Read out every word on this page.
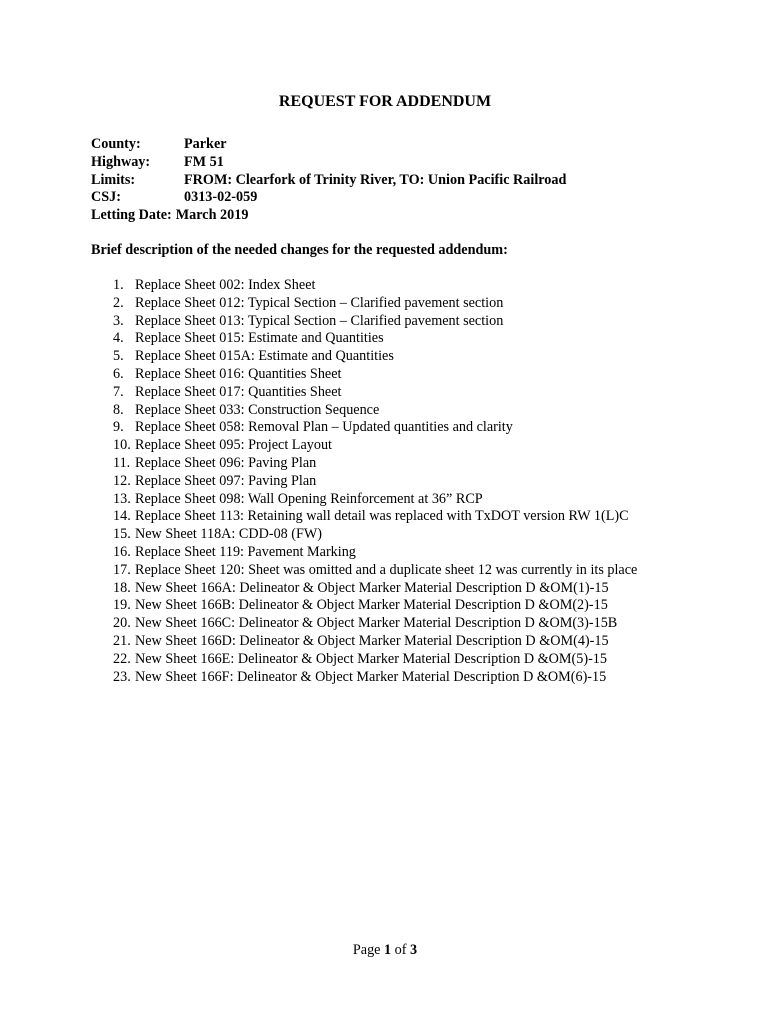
REQUEST FOR ADDENDUM
County:	Parker
Highway:	FM 51
Limits:	FROM: Clearfork of Trinity River, TO: Union Pacific Railroad
CSJ:	0313-02-059
Letting Date: March 2019
Brief description of the needed changes for the requested addendum:
1. Replace Sheet 002: Index Sheet
2. Replace Sheet 012: Typical Section – Clarified pavement section
3. Replace Sheet 013: Typical Section – Clarified pavement section
4. Replace Sheet 015: Estimate and Quantities
5. Replace Sheet 015A: Estimate and Quantities
6. Replace Sheet 016: Quantities Sheet
7. Replace Sheet 017: Quantities Sheet
8. Replace Sheet 033: Construction Sequence
9. Replace Sheet 058: Removal Plan – Updated quantities and clarity
10. Replace Sheet 095: Project Layout
11. Replace Sheet 096: Paving Plan
12. Replace Sheet 097: Paving Plan
13. Replace Sheet 098: Wall Opening Reinforcement at 36” RCP
14. Replace Sheet 113: Retaining wall detail was replaced with TxDOT version RW 1(L)C
15. New Sheet 118A: CDD-08 (FW)
16. Replace Sheet 119: Pavement Marking
17. Replace Sheet 120: Sheet was omitted and a duplicate sheet 12 was currently in its place
18. New Sheet 166A: Delineator & Object Marker Material Description D &OM(1)-15
19. New Sheet 166B: Delineator & Object Marker Material Description D &OM(2)-15
20. New Sheet 166C: Delineator & Object Marker Material Description D &OM(3)-15B
21. New Sheet 166D: Delineator & Object Marker Material Description D &OM(4)-15
22. New Sheet 166E: Delineator & Object Marker Material Description D &OM(5)-15
23. New Sheet 166F: Delineator & Object Marker Material Description D &OM(6)-15
Page 1 of 3
